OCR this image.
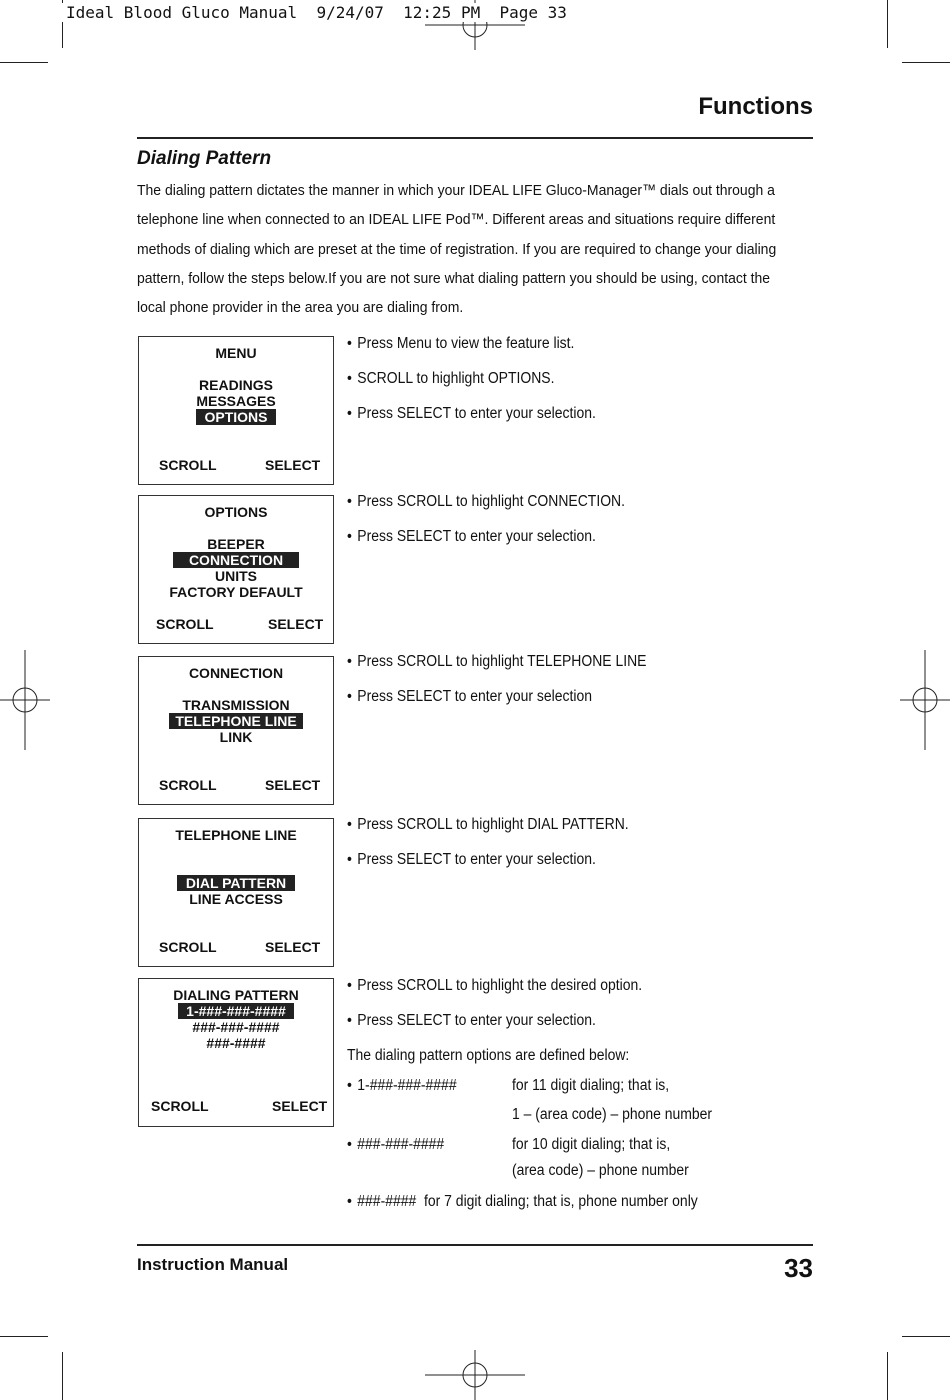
Ideal Blood Gluco Manual  9/24/07  12:25 PM  Page 33
Functions
Dialing Pattern
The dialing pattern dictates the manner in which your IDEAL LIFE Gluco-Manager™ dials out through a
telephone line when connected to an IDEAL LIFE Pod™. Different areas and situations require different
methods of dialing which are preset at the time of registration. If you are required to change your dialing
pattern, follow the steps below.If you are not sure what dialing pattern you should be using, contact the
local phone provider in the area you are dialing from.
MENU
READINGS
MESSAGES
OPTIONS
SCROLL	SELECT
• Press Menu to view the feature list.
• SCROLL to highlight OPTIONS.
• Press SELECT to enter your selection.
OPTIONS
BEEPER
CONNECTION
UNITS
FACTORY DEFAULT
SCROLL	SELECT
• Press SCROLL to highlight CONNECTION.
• Press SELECT to enter your selection.
CONNECTION
TRANSMISSION
TELEPHONE LINE
LINK
SCROLL	SELECT
• Press SCROLL to highlight TELEPHONE LINE
• Press SELECT to enter your selection
TELEPHONE LINE
DIAL PATTERN
LINE ACCESS
SCROLL	SELECT
• Press SCROLL to highlight DIAL PATTERN.
• Press SELECT to enter your selection.
DIALING PATTERN
1-###-###-####
###-###-####
###-####
SCROLL	SELECT
• Press SCROLL to highlight the desired option.
• Press SELECT to enter your selection.
The dialing pattern options are defined below:
• 1-###-###-####	for 11 digit dialing; that is,
1 – (area code) – phone number
• ###-###-####	for 10 digit dialing; that is,
(area code) – phone number
• ###-#### for 7 digit dialing; that is, phone number only
Instruction Manual	33
